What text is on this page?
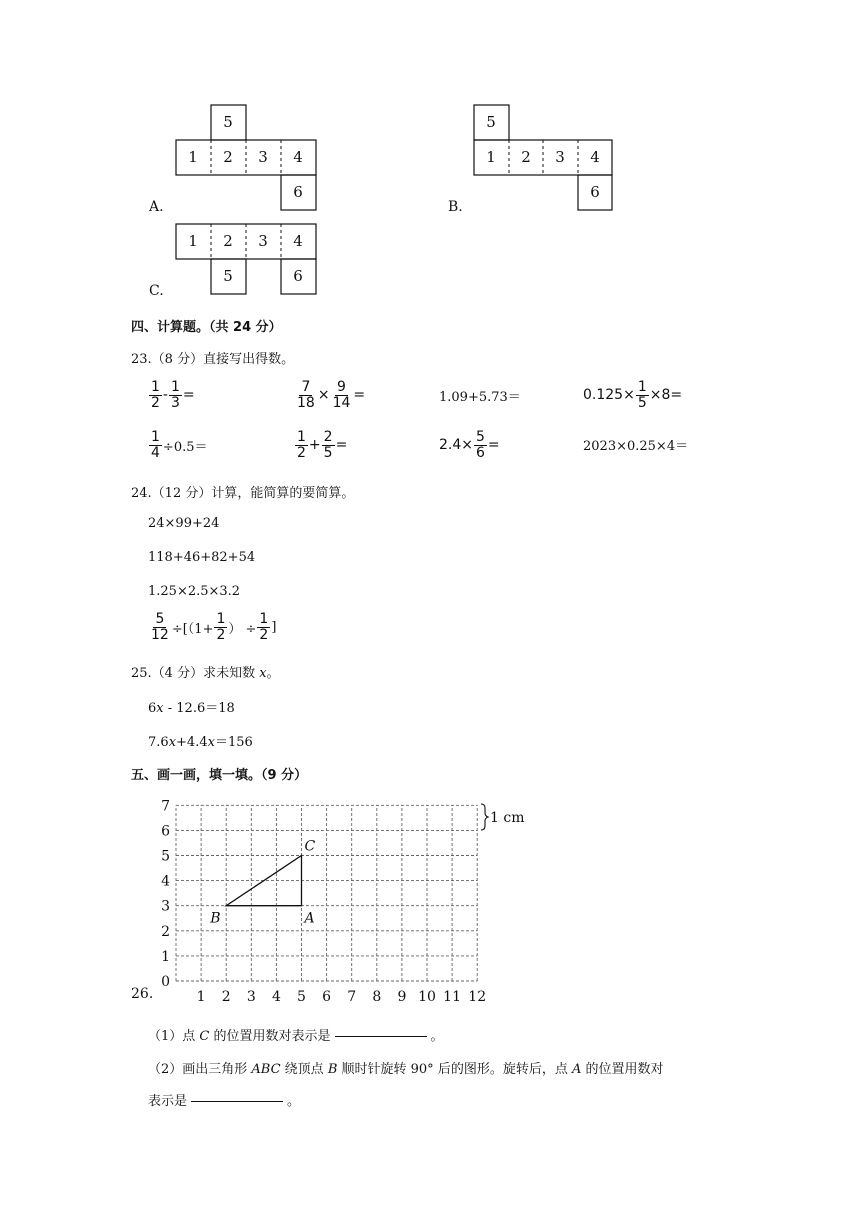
5
1	2	3	4
6
A.
5
1	2	3	4
6
B.
1	2	3	4
5	6
C.
四、计算题。（共 24 分）
23.（8 分）直接写出得数。
$\frac{1}{2} - \frac{1}{3}$ =	$\frac{7}{18} \times \frac{9}{14}$ =	1.09+5.73＝	$0.125\times \frac{1}{5} \times 8=$
$\frac{1}{4} \div 0.5=$	$\frac{1}{2} + \frac{2}{5}$ =	$2.4\times \frac{5}{6}$ =	2023×0.25×4＝
24.（12 分）计算，能简算的要简算。
24×99+24
118+46+82+54
1.25×2.5×3.2
$\frac{5}{12} \div[(1+ \frac{1}{2}$ ） ÷ $\frac{1}{2}$ ]
25.（4 分）求未知数 x。
6x - 12.6＝18
7.6x+4.4x＝156
五、画一画，填一填。（9 分）
1 2 3 4 5 6 7 8 9 10 11 12
0
1
2
3
4
5
6
7
1 cm
A
B
C
26.
（1）点 C 的位置用数对表示是	。
（2）画出三角形 ABC 绕顶点 B 顺时针旋转 90° 后的图形。旋转后，点 A 的位置用数对
表示是	。
